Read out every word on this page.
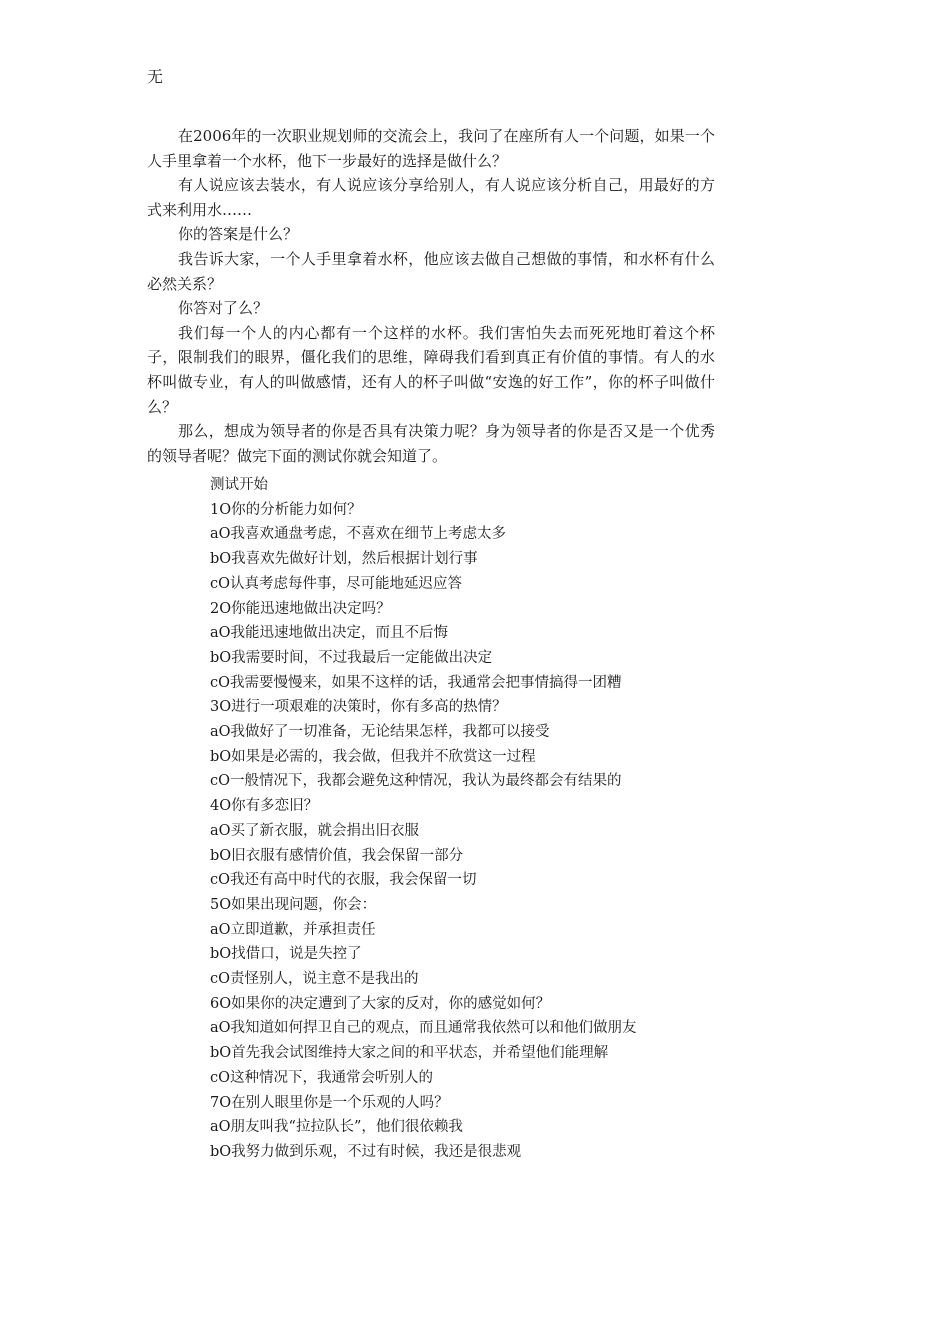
无

在2006年的一次职业规划师的交流会上，我问了在座所有人一个问题，如果一个人手里拿着一个水杯，他下一步最好的选择是做什么？

有人说应该去装水，有人说应该分享给别人，有人说应该分析自己，用最好的方式来利用水……

你的答案是什么？

我告诉大家，一个人手里拿着水杯，他应该去做自己想做的事情，和水杯有什么必然关系？

你答对了么？

我们每一个人的内心都有一个这样的水杯。我们害怕失去而死死地盯着这个杯子，限制我们的眼界，僵化我们的思维，障碍我们看到真正有价值的事情。有人的水杯叫做专业，有人的叫做感情，还有人的杯子叫做“安逸的好工作”，你的杯子叫做什么？

那么，想成为领导者的你是否具有决策力呢？身为领导者的你是否又是一个优秀的领导者呢？做完下面的测试你就会知道了。

测试开始
1O你的分析能力如何？
aO我喜欢通盘考虑，不喜欢在细节上考虑太多
bO我喜欢先做好计划，然后根据计划行事
cO认真考虑每件事，尽可能地延迟应答
2O你能迅速地做出决定吗？
aO我能迅速地做出决定，而且不后悔
bO我需要时间，不过我最后一定能做出决定
cO我需要慢慢来，如果不这样的话，我通常会把事情搞得一团糟
3O进行一项艰难的决策时，你有多高的热情？
aO我做好了一切准备，无论结果怎样，我都可以接受
bO如果是必需的，我会做，但我并不欣赏这一过程
cO一般情况下，我都会避免这种情况，我认为最终都会有结果的
4O你有多恋旧？
aO买了新衣服，就会捐出旧衣服
bO旧衣服有感情价值，我会保留一部分
cO我还有高中时代的衣服，我会保留一切
5O如果出现问题，你会：
aO立即道歉，并承担责任
bO找借口，说是失控了
cO责怪别人，说主意不是我出的
6O如果你的决定遭到了大家的反对，你的感觉如何？
aO我知道如何捍卫自己的观点，而且通常我依然可以和他们做朋友
bO首先我会试图维持大家之间的和平状态，并希望他们能理解
cO这种情况下，我通常会听别人的
7O在别人眼里你是一个乐观的人吗？
aO朋友叫我“拉拉队长”，他们很依赖我
bO我努力做到乐观，不过有时候，我还是很悲观
